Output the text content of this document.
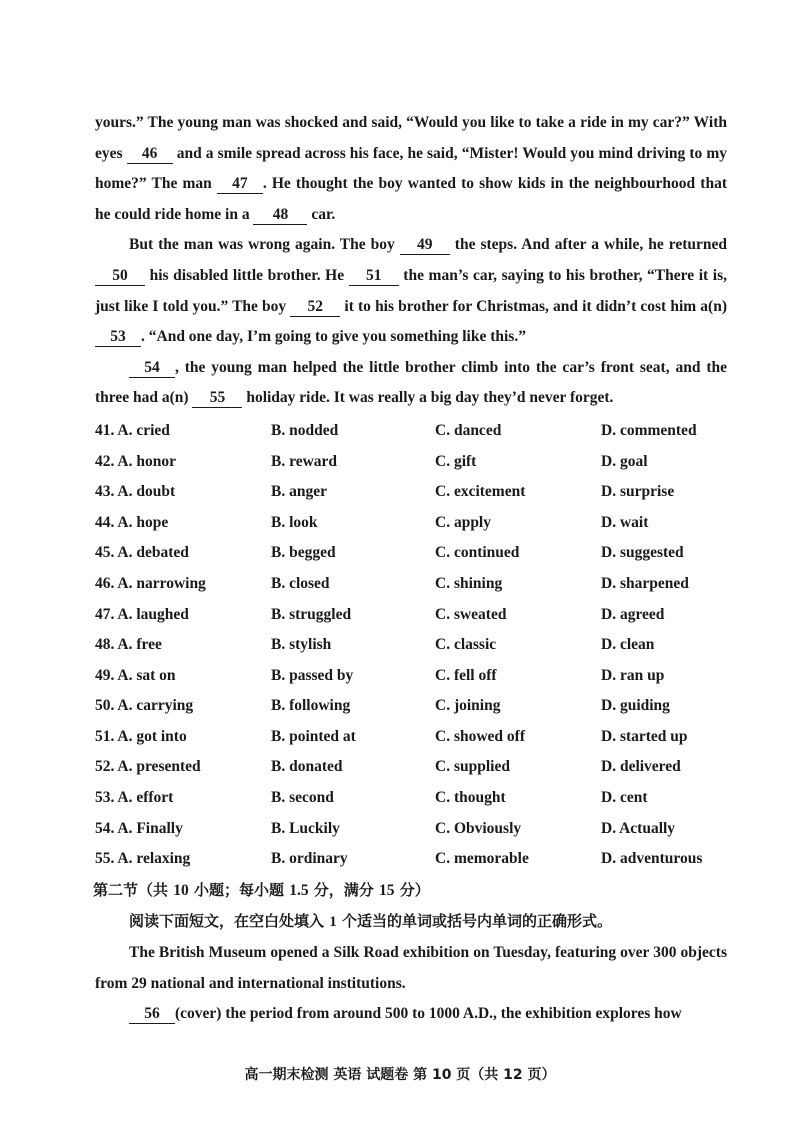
yours.” The young man was shocked and said, “Would you like to take a ride in my car?” With eyes 46 and a smile spread across his face, he said, “Mister! Would you mind driving to my home?” The man 47 . He thought the boy wanted to show kids in the neighbourhood that he could ride home in a 48 car.

But the man was wrong again. The boy 49 the steps. And after a while, he returned 50 his disabled little brother. He 51 the man’s car, saying to his brother, “There it is, just like I told you.” The boy 52 it to his brother for Christmas, and it didn’t cost him a(n) 53 . “And one day, I’m going to give you something like this.”

54 , the young man helped the little brother climb into the car’s front seat, and the three had a(n) 55 holiday ride. It was really a big day they’d never forget.

41. A. cried	B. nodded	C. danced	D. commented
42. A. honor	B. reward	C. gift	D. goal
43. A. doubt	B. anger	C. excitement	D. surprise
44. A. hope	B. look	C. apply	D. wait
45. A. debated	B. begged	C. continued	D. suggested
46. A. narrowing	B. closed	C. shining	D. sharpened
47. A. laughed	B. struggled	C. sweated	D. agreed
48. A. free	B. stylish	C. classic	D. clean
49. A. sat on	B. passed by	C. fell off	D. ran up
50. A. carrying	B. following	C. joining	D. guiding
51. A. got into	B. pointed at	C. showed off	D. started up
52. A. presented	B. donated	C. supplied	D. delivered
53. A. effort	B. second	C. thought	D. cent
54. A. Finally	B. Luckily	C. Obviously	D. Actually
55. A. relaxing	B. ordinary	C. memorable	D. adventurous
第二节（共 10 小题；每小题 1.5 分，满分 15 分）

阅读下面短文，在空白处填入 1 个适当的单词或括号内单词的正确形式。

The British Museum opened a Silk Road exhibition on Tuesday, featuring over 300 objects from 29 national and international institutions.

56 (cover) the period from around 500 to 1000 A.D., the exhibition explores how

高一期末检测 英语 试题卷 第 10 页（共 12 页）
